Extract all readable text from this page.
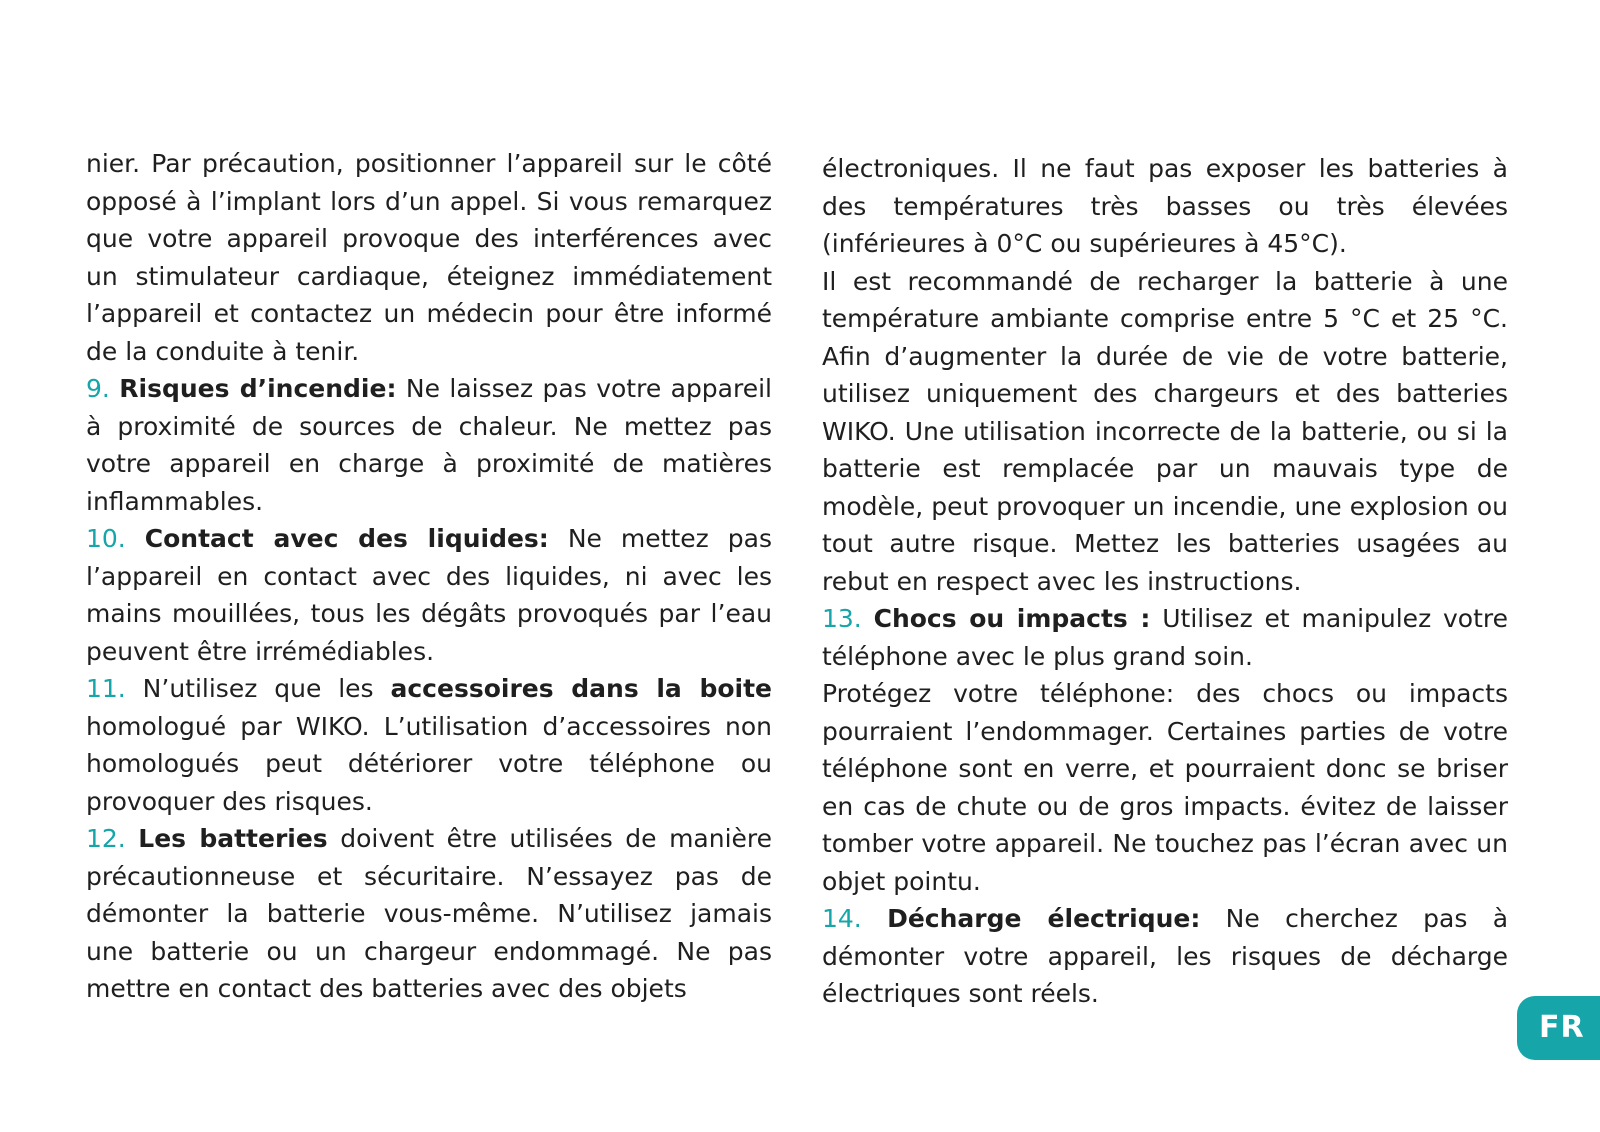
nier. Par précaution, positionner l’appareil sur le côté opposé à l’implant lors d’un appel. Si vous remarquez que votre appareil provoque des interférences avec un stimulateur cardiaque, éteignez immédiatement l’appareil et contactez un médecin pour être informé de la conduite à tenir.

9. Risques d’incendie: Ne laissez pas votre appareil à proximité de sources de chaleur. Ne mettez pas votre appareil en charge à proximité de matières inflammables.

10. Contact avec des liquides: Ne mettez pas l’appareil en contact avec des liquides, ni avec les mains mouillées, tous les dégâts provoqués par l’eau peuvent être irrémédiables.

11. N’utilisez que les accessoires dans la boite homologué par WIKO. L’utilisation d’accessoires non homologués peut détériorer votre téléphone ou provoquer des risques.

12. Les batteries doivent être utilisées de manière précautionneuse et sécuritaire. N’essayez pas de démonter la batterie vous-même. N’utilisez jamais une batterie ou un chargeur endommagé. Ne pas mettre en contact des batteries avec des objets

électroniques. Il ne faut pas exposer les batteries à des températures très basses ou très élevées (inférieures à 0°C ou supérieures à 45°C).

Il est recommandé de recharger la batterie à une température ambiante comprise entre 5 °C et 25 °C. Afin d’augmenter la durée de vie de votre batterie, utilisez uniquement des chargeurs et des batteries WIKO. Une utilisation incorrecte de la batterie, ou si la batterie est remplacée par un mauvais type de modèle, peut provoquer un incendie, une explosion ou tout autre risque. Mettez les batteries usagées au rebut en respect avec les instructions.

13. Chocs ou impacts : Utilisez et manipulez votre téléphone avec le plus grand soin.

Protégez votre téléphone: des chocs ou impacts pourraient l’endommager. Certaines parties de votre téléphone sont en verre, et pourraient donc se briser en cas de chute ou de gros impacts. évitez de laisser tomber votre appareil. Ne touchez pas l’écran avec un objet pointu.

14. Décharge électrique: Ne cherchez pas à démonter votre appareil, les risques de décharge électriques sont réels.

FR
